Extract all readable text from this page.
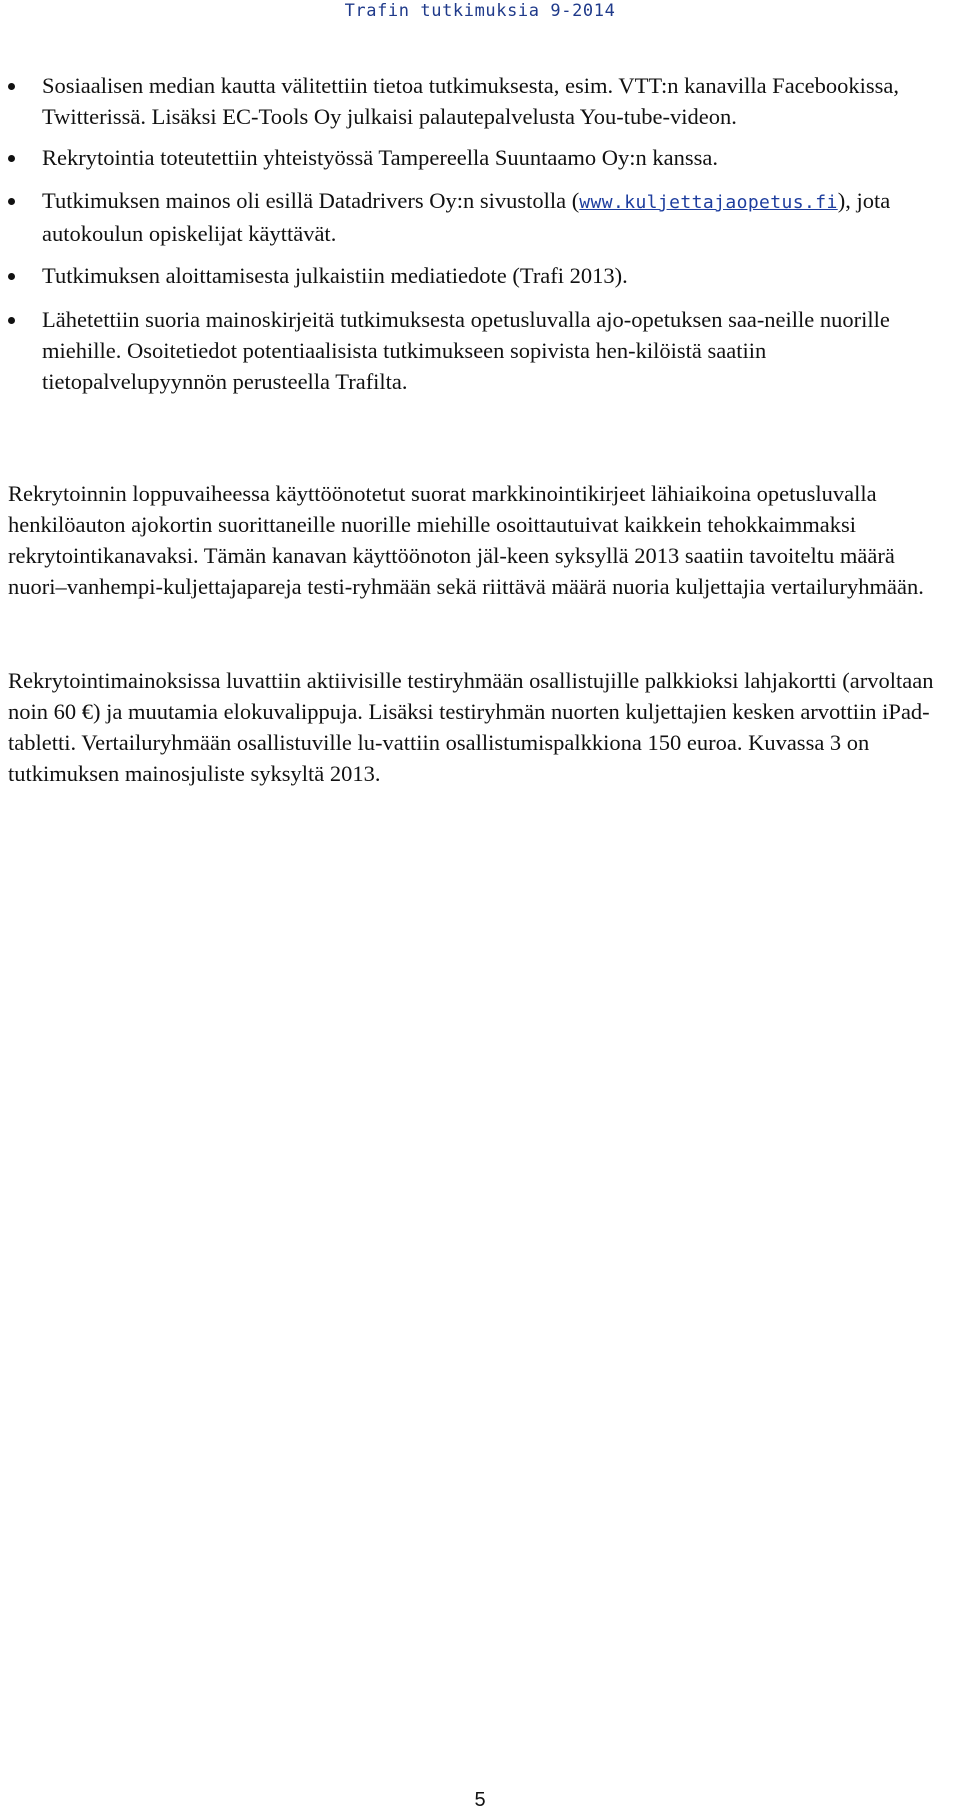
Trafin tutkimuksia 9-2014
Sosiaalisen median kautta välitettiin tietoa tutkimuksesta, esim. VTT:n kanavilla Facebookissa, Twitterissä. Lisäksi EC-Tools Oy julkaisi palautepalvelusta You-tube-videon.
Rekrytointia toteutettiin yhteistyössä Tampereella Suuntaamo Oy:n kanssa.
Tutkimuksen mainos oli esillä Datadrivers Oy:n sivustolla (www.kuljettajaopetus.fi), jota autokoulun opiskelijat käyttävät.
Tutkimuksen aloittamisesta julkaistiin mediatiedote (Trafi 2013).
Lähetettiin suoria mainoskirjeitä tutkimuksesta opetusluvalla ajo-opetuksen saa-neille nuorille miehille. Osoitetiedot potentiaalisista tutkimukseen sopivista hen-kilöistä saatiin tietopalvelupyynnön perusteella Trafilta.

Rekrytoinnin loppuvaiheessa käyttöönotetut suorat markkinointikirjeet lähiaikoina opetusluvalla henkilöauton ajokortin suorittaneille nuorille miehille osoittautuivat kaikkein tehokkaimmaksi rekrytointikanavaksi. Tämän kanavan käyttöönoton jäl-keen syksyllä 2013 saatiin tavoiteltu määrä nuori–vanhempi-kuljettajapareja testi-ryhmään sekä riittävä määrä nuoria kuljettajia vertailuryhmään.

Rekrytointimainoksissa luvattiin aktiivisille testiryhmään osallistujille palkkioksi lahjakortti (arvoltaan noin 60 €) ja muutamia elokuvalippuja. Lisäksi testiryhmän nuorten kuljettajien kesken arvottiin iPad-tabletti. Vertailuryhmään osallistuville lu-vattiin osallistumispalkkiona 150 euroa. Kuvassa 3 on tutkimuksen mainosjuliste syksyltä 2013.

5
